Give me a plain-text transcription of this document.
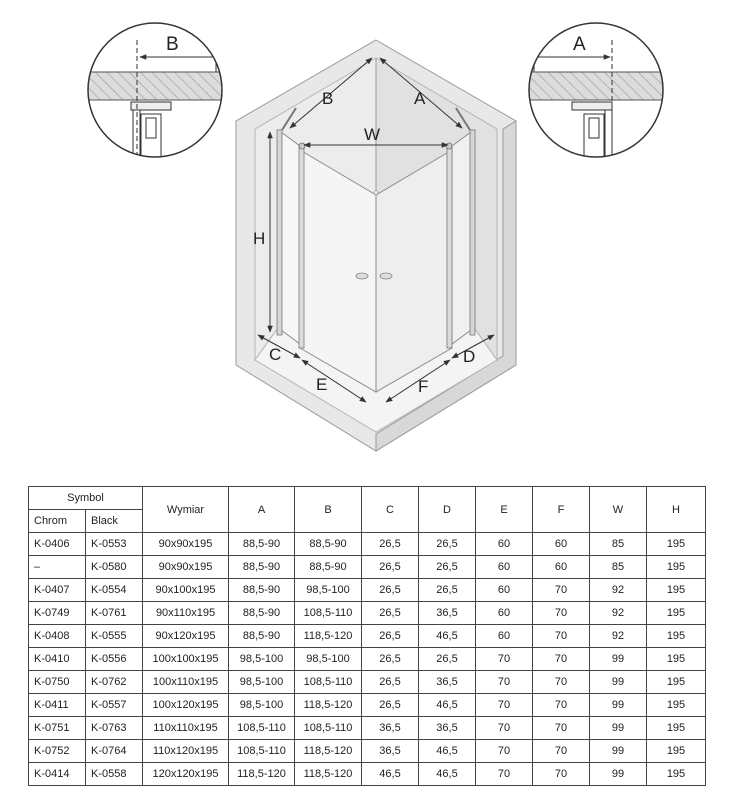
B	A
W
H
C
E	F
D
B	A
Symbol		Wymiar	A	B	C	D	E	F	W	H
Chrom	Black									
K-0406	K-0553	90x90x195	88,5-90	88,5-90	26,5	26,5	60	60	85	195
–	K-0580	90x90x195	88,5-90	88,5-90	26,5	26,5	60	60	85	195
K-0407	K-0554	90x100x195	88,5-90	98,5-100	26,5	26,5	60	70	92	195
K-0749	K-0761	90x110x195	88,5-90	108,5-110	26,5	36,5	60	70	92	195
K-0408	K-0555	90x120x195	88,5-90	118,5-120	26,5	46,5	60	70	92	195
K-0410	K-0556	100x100x195	98,5-100	98,5-100	26,5	26,5	70	70	99	195
K-0750	K-0762	100x110x195	98,5-100	108,5-110	26,5	36,5	70	70	99	195
K-0411	K-0557	100x120x195	98,5-100	118,5-120	26,5	46,5	70	70	99	195
K-0751	K-0763	110x110x195	108,5-110	108,5-110	36,5	36,5	70	70	99	195
K-0752	K-0764	110x120x195	108,5-110	118,5-120	36,5	46,5	70	70	99	195
K-0414	K-0558	120x120x195	118,5-120	118,5-120	46,5	46,5	70	70	99	195
